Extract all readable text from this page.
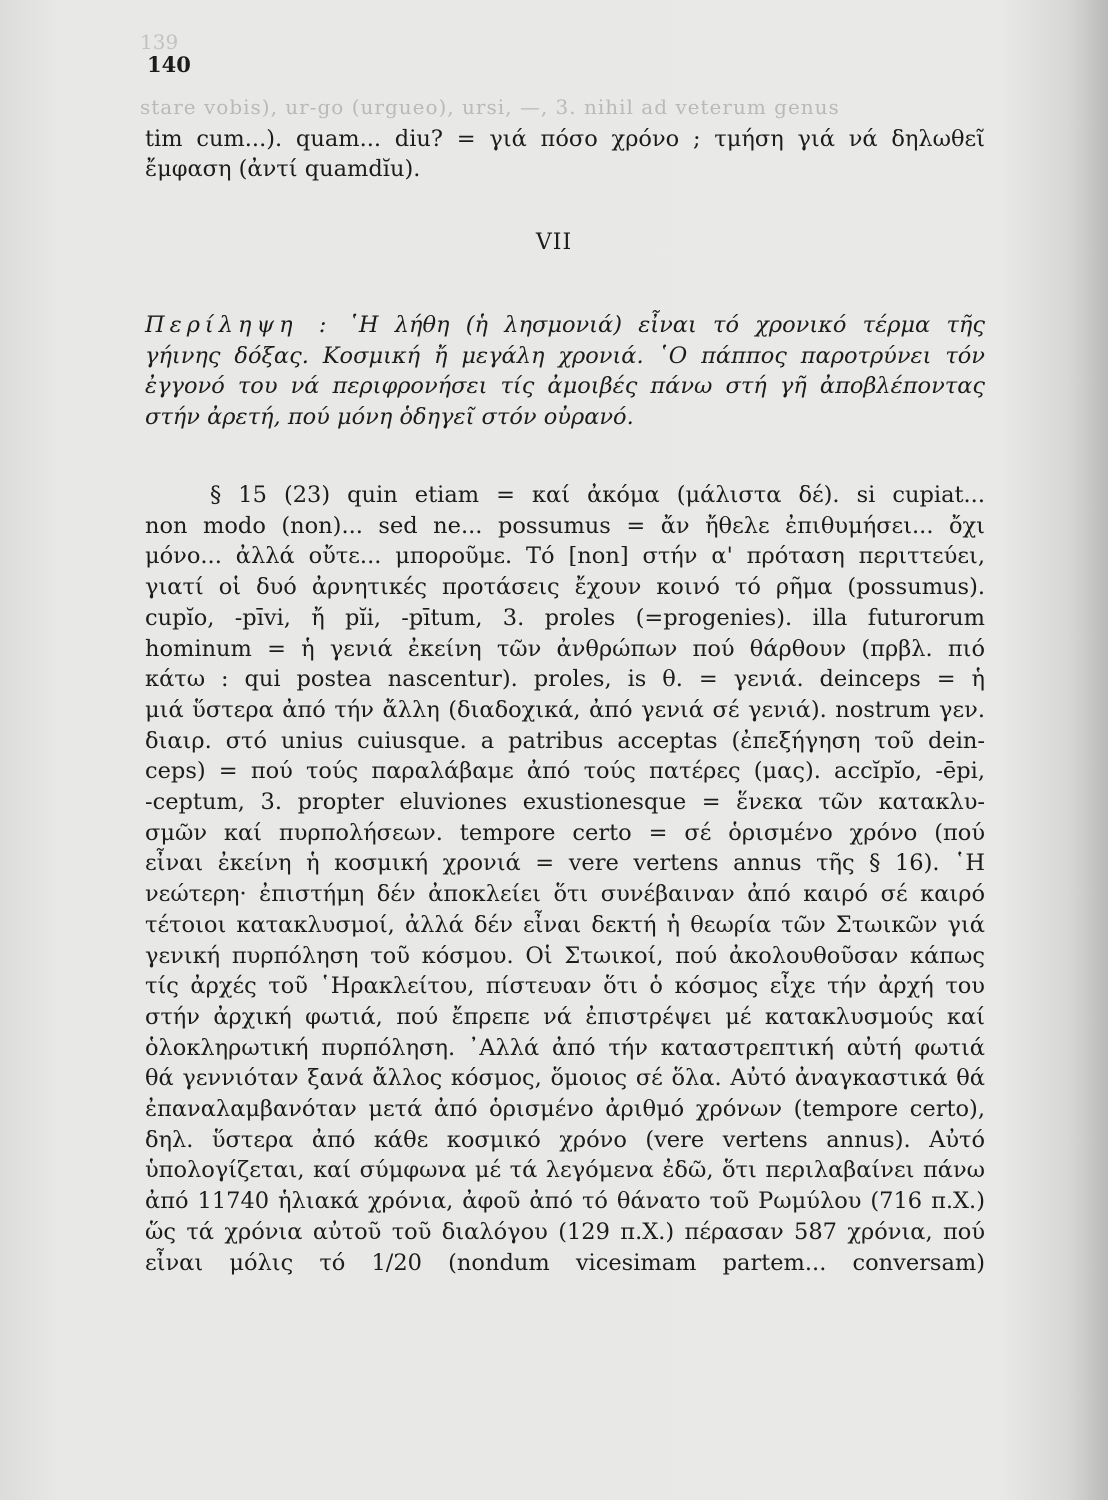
139
stare vobis), ur-go (urgueo), ursi, —, 3. nihil ad veterum genus
140
tim cum...). quam... diu? = γιά πόσο χρόνο ; τμήση γιά νά δηλωθεῖ
ἔμφαση (ἀντί quamdĭu).
VII
Περίληψη : ῾Η λήθη (ἡ λησμονιά) εἶναι τό χρονικό τέρμα τῆς
γήινης δόξας. Κοσμική ἤ μεγάλη χρονιά. ῾Ο πάππος παροτρύνει τόν
ἐγγονό του νά περιφρονήσει τίς ἀμοιβές πάνω στή γῆ ἀποβλέποντας
στήν ἀρετή, πού μόνη ὁδηγεῖ στόν οὐρανό.
§ 15 (23) quin etiam = καί ἀκόμα (μάλιστα δέ). si cupiat...
non modo (non)... sed ne... possumus = ἄν ἤθελε ἐπιθυμήσει... ὄχι
μόνο... ἀλλά οὔτε... μποροῦμε. Τό [non] στήν α' πρόταση περιττεύει,
γιατί οἱ δυό ἀρνητικές προτάσεις ἔχουν κοινό τό ρῆμα (possumus).
cupĭo, -pīvi, ἤ pĭi, -pītum, 3. proles (=progenies). illa futurorum
hominum = ἡ γενιά ἐκείνη τῶν ἀνθρώπων πού θάρθουν (πρβλ. πιό
κάτω : qui postea nascentur). proles, is θ. = γενιά. deinceps = ἡ
μιά ὕστερα ἀπό τήν ἄλλη (διαδοχικά, ἀπό γενιά σέ γενιά). nostrum γεν.
διαιρ. στό unius cuiusque. a patribus acceptas (ἐπεξήγηση τοῦ dein-
ceps) = πού τούς παραλάβαμε ἀπό τούς πατέρες (μας). accĭpĭo, -ēpi,
-ceptum, 3. propter eluviones exustionesque = ἕνεκα τῶν κατακλυ-
σμῶν καί πυρπολήσεων. tempore certo = σέ ὁρισμένο χρόνο (πού
εἶναι ἐκείνη ἡ κοσμική χρονιά = vere vertens annus τῆς § 16). ῾Η
νεώτερη· ἐπιστήμη δέν ἀποκλείει ὅτι συνέβαιναν ἀπό καιρό σέ καιρό
τέτοιοι κατακλυσμοί, ἀλλά δέν εἶναι δεκτή ἡ θεωρία τῶν Στωικῶν γιά
γενική πυρπόληση τοῦ κόσμου. Οἱ Στωικοί, πού ἀκολουθοῦσαν κάπως
τίς ἀρχές τοῦ ῾Ηρακλείτου, πίστευαν ὅτι ὁ κόσμος εἶχε τήν ἀρχή του
στήν ἀρχική φωτιά, πού ἔπρεπε νά ἐπιστρέψει μέ κατακλυσμούς καί
ὁλοκληρωτική πυρπόληση. ᾿Αλλά ἀπό τήν καταστρεπτική αὐτή φωτιά
θά γεννιόταν ξανά ἄλλος κόσμος, ὅμοιος σέ ὅλα. Αὐτό ἀναγκαστικά θά
ἐπαναλαμβανόταν μετά ἀπό ὁρισμένο ἀριθμό χρόνων (tempore certo),
δηλ. ὕστερα ἀπό κάθε κοσμικό χρόνο (vere vertens annus). Αὐτό
ὑπολογίζεται, καί σύμφωνα μέ τά λεγόμενα ἐδῶ, ὅτι περιλαβαίνει πάνω
ἀπό 11740 ἡλιακά χρόνια, ἀφοῦ ἀπό τό θάνατο τοῦ Ρωμύλου (716 π.Χ.)
ὥς τά χρόνια αὐτοῦ τοῦ διαλόγου (129 π.Χ.) πέρασαν 587 χρόνια, πού
εἶναι μόλις τό 1/20 (nondum vicesimam partem... conversam)
